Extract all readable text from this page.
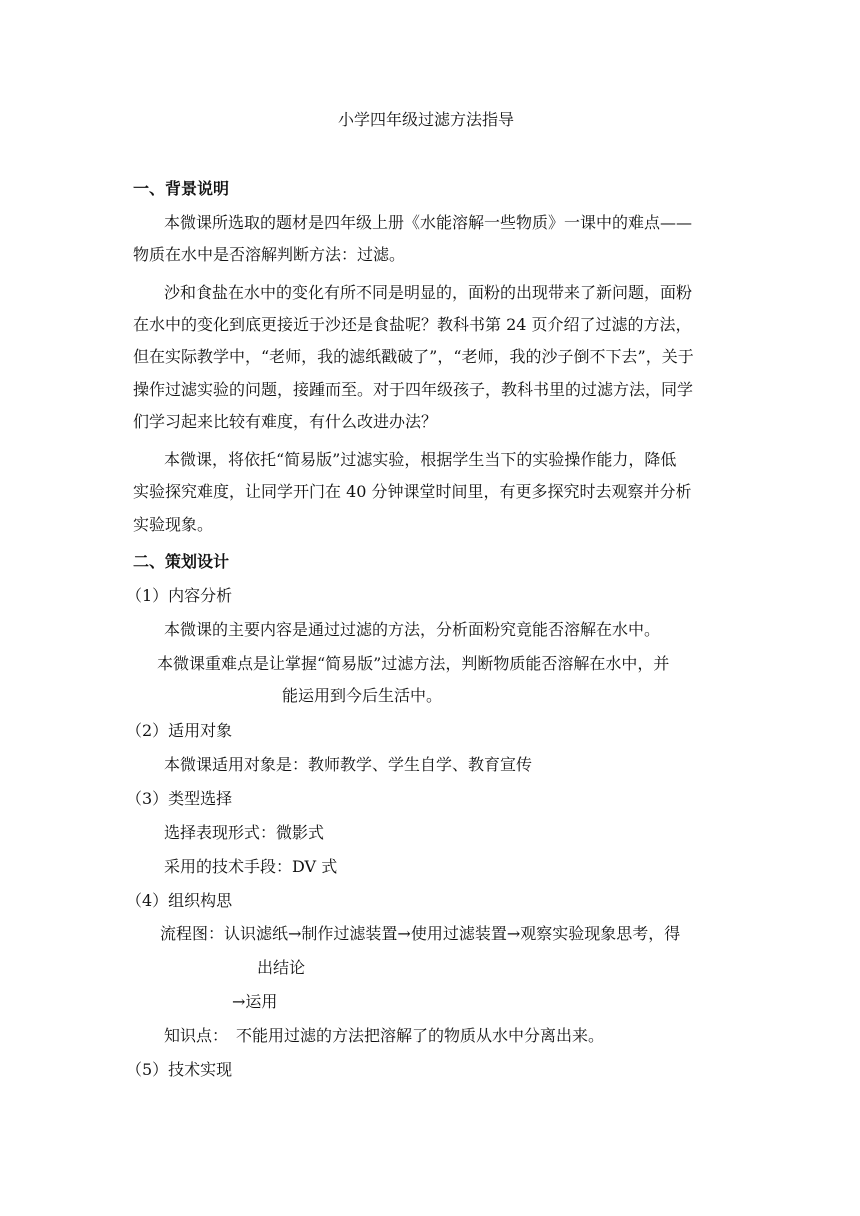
小学四年级过滤方法指导
一、背景说明
本微课所选取的题材是四年级上册《水能溶解一些物质》一课中的难点——
物质在水中是否溶解判断方法：过滤。
沙和食盐在水中的变化有所不同是明显的，面粉的出现带来了新问题，面粉
在水中的变化到底更接近于沙还是食盐呢？教科书第 24 页介绍了过滤的方法，
但在实际教学中，“老师，我的滤纸戳破了”，“老师，我的沙子倒不下去”，关于
操作过滤实验的问题，接踵而至。对于四年级孩子，教科书里的过滤方法，同学
们学习起来比较有难度，有什么改进办法？
本微课，将依托“简易版”过滤实验，根据学生当下的实验操作能力，降低
实验探究难度，让同学开门在 40 分钟课堂时间里，有更多探究时去观察并分析
实验现象。
二、策划设计
（1）内容分析
本微课的主要内容是通过过滤的方法，分析面粉究竟能否溶解在水中。
本微课重难点是让掌握“简易版”过滤方法，判断物质能否溶解在水中，并
能运用到今后生活中。
（2）适用对象
本微课适用对象是：教师教学、学生自学、教育宣传
（3）类型选择
选择表现形式：微影式
采用的技术手段：DV 式
（4）组织构思
流程图：认识滤纸→制作过滤装置→使用过滤装置→观察实验现象思考，得
出结论
→运用
知识点：　不能用过滤的方法把溶解了的物质从水中分离出来。
（5）技术实现
